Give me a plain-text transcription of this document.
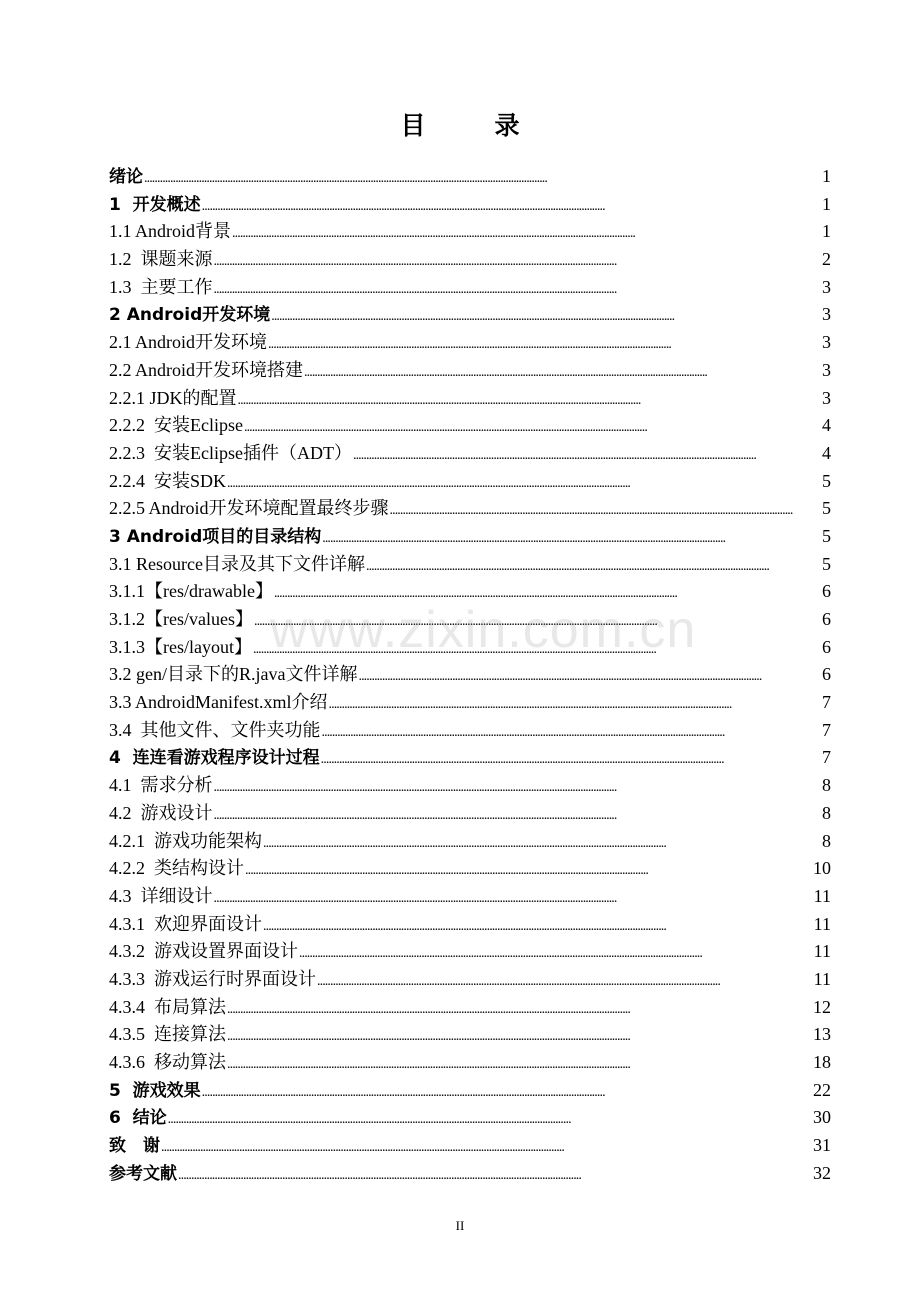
目　录
绪论 . . .	1
1  开发概述 . . .	1
1.1 Android背景 . . .	1
1.2  课题来源 . . .	2
1.3  主要工作 . . .	3
2 Android开发环境 . . .	3
2.1 Android开发环境 . . .	3
2.2 Android开发环境搭建 . . .	3
2.2.1 JDK的配置 . . .	3
2.2.2  安装Eclipse . . .	4
2.2.3  安装Eclipse插件（ADT） . . .	4
2.2.4  安装SDK . . .	5
2.2.5 Android开发环境配置最终步骤 . . .	5
3 Android项目的目录结构 . . .	5
3.1 Resource目录及其下文件详解 . . .	5
3.1.1【res/drawable】 . . .	6
3.1.2【res/values】 . . .	6
3.1.3【res/layout】 . . .	6
3.2 gen/目录下的R.java文件详解 . . .	6
3.3 AndroidManifest.xml介绍 . . .	7
3.4  其他文件、文件夹功能 . . .	7
4  连连看游戏程序设计过程 . . .	7
4.1  需求分析 . . .	8
4.2  游戏设计 . . .	8
4.2.1  游戏功能架构 . . .	8
4.2.2  类结构设计 . . .	10
4.3  详细设计 . . .	11
4.3.1  欢迎界面设计 . . .	11
4.3.2  游戏设置界面设计 . . .	11
4.3.3  游戏运行时界面设计 . . .	11
4.3.4  布局算法 . . .	12
4.3.5  连接算法 . . .	13
4.3.6  移动算法 . . .	18
5  游戏效果 . . .	22
6  结论 . . .	30
致　谢 . . .	31
参考文献 . . .	32
www.zixin.com.cn
II
